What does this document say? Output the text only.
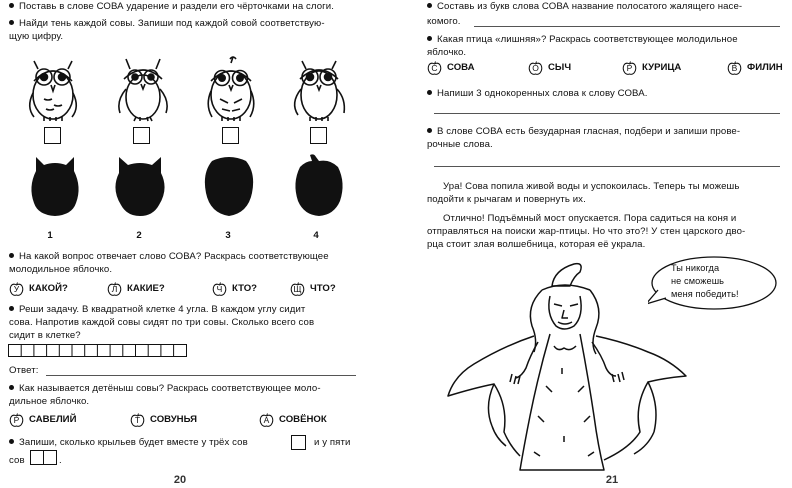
Поставь в слове СОВА ударение и раздели его чёрточками на слоги.
Найди тень каждой совы. Запиши под каждой совой соответствую-
щую цифру.
1	2	3	4
На какой вопрос отвечает слово СОВА? Раскрась соответствующее
молодильное яблочко.
У	КАКОЙ?	Л	КАКИЕ?	Ч	КТО?	Щ ЧТО?
Реши задачу. В квадратной клетке 4 угла. В каждом углу сидит
сова. Напротив каждой совы сидят по три совы. Сколько всего сов
сидит в клетке?
Ответ:
Как называется детёныш совы? Раскрась соответствующее моло-
дильное яблочко.
Р	САВЕЛИЙ	Т	СОВУНЬЯ	А	СОВЁНОК
Запиши, сколько крыльев будет вместе у трёх сов	и у пяти
сов	.
20
Составь из букв слова СОВА название полосатого жалящего насе-
комого.
Какая птица «лишняя»? Раскрась соответствующее молодильное
яблочко.
С СОВА	О СЫЧ	Р	КУРИЦА	В	ФИЛИН
Напиши 3 однокоренных слова к слову СОВА.
В слове СОВА есть безударная гласная, подбери и запиши прове-
рочные слова.
Ура! Сова попила живой воды и успокоилась. Теперь ты можешь
подойти к рычагам и повернуть их.
Отлично! Подъёмный мост опускается. Пора садиться на коня и
отправляться на поиски жар-птицы. Но что это?! У стен царского дво-
рца стоит злая волшебница, которая её украла.
Ты никогда
не сможешь
меня победить!
21
